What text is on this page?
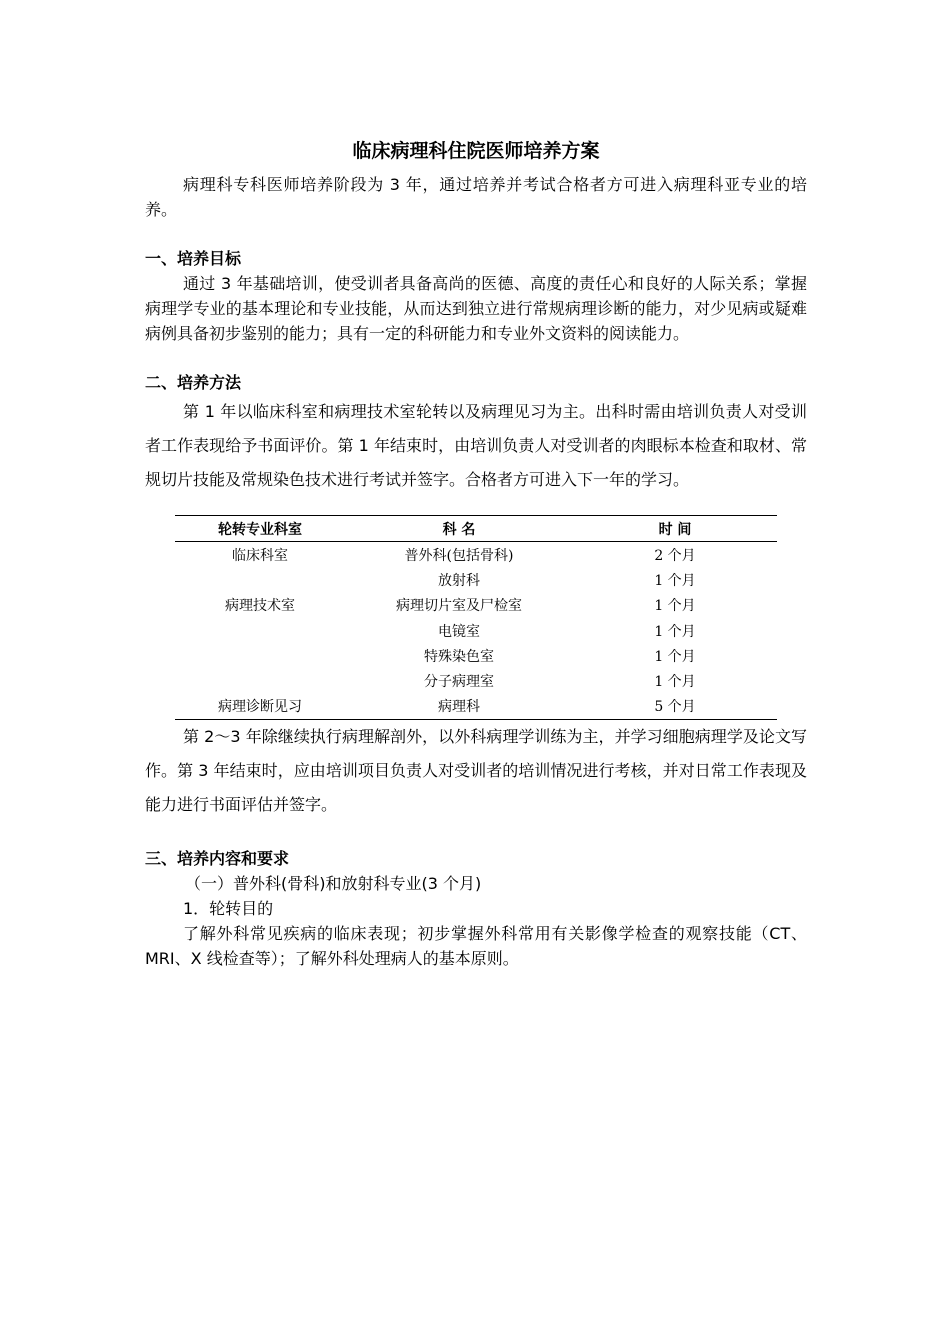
临床病理科住院医师培养方案

病理科专科医师培养阶段为 3 年，通过培养并考试合格者方可进入病理科亚专业的培养。

一、培养目标

通过 3 年基础培训，使受训者具备高尚的医德、高度的责任心和良好的人际关系；掌握病理学专业的基本理论和专业技能，从而达到独立进行常规病理诊断的能力，对少见病或疑难病例具备初步鉴别的能力；具有一定的科研能力和专业外文资料的阅读能力。

二、培养方法

第 1 年以临床科室和病理技术室轮转以及病理见习为主。出科时需由培训负责人对受训者工作表现给予书面评价。第 1 年结束时，由培训负责人对受训者的肉眼标本检查和取材、常规切片技能及常规染色技术进行考试并签字。合格者方可进入下一年的学习。

轮转专业科室	科 名	时 间
临床科室	普外科(包括骨科)	2 个月
	放射科	1 个月
病理技术室	病理切片室及尸检室	1 个月
	电镜室	1 个月
	特殊染色室	1 个月
	分子病理室	1 个月
病理诊断见习	病理科	5 个月

第 2～3 年除继续执行病理解剖外，以外科病理学训练为主，并学习细胞病理学及论文写作。第 3 年结束时，应由培训项目负责人对受训者的培训情况进行考核，并对日常工作表现及能力进行书面评估并签字。

三、培养内容和要求
（一）普外科(骨科)和放射科专业(3 个月)
1．轮转目的

了解外科常见疾病的临床表现；初步掌握外科常用有关影像学检查的观察技能（CT、MRI、X 线检查等）；了解外科处理病人的基本原则。
